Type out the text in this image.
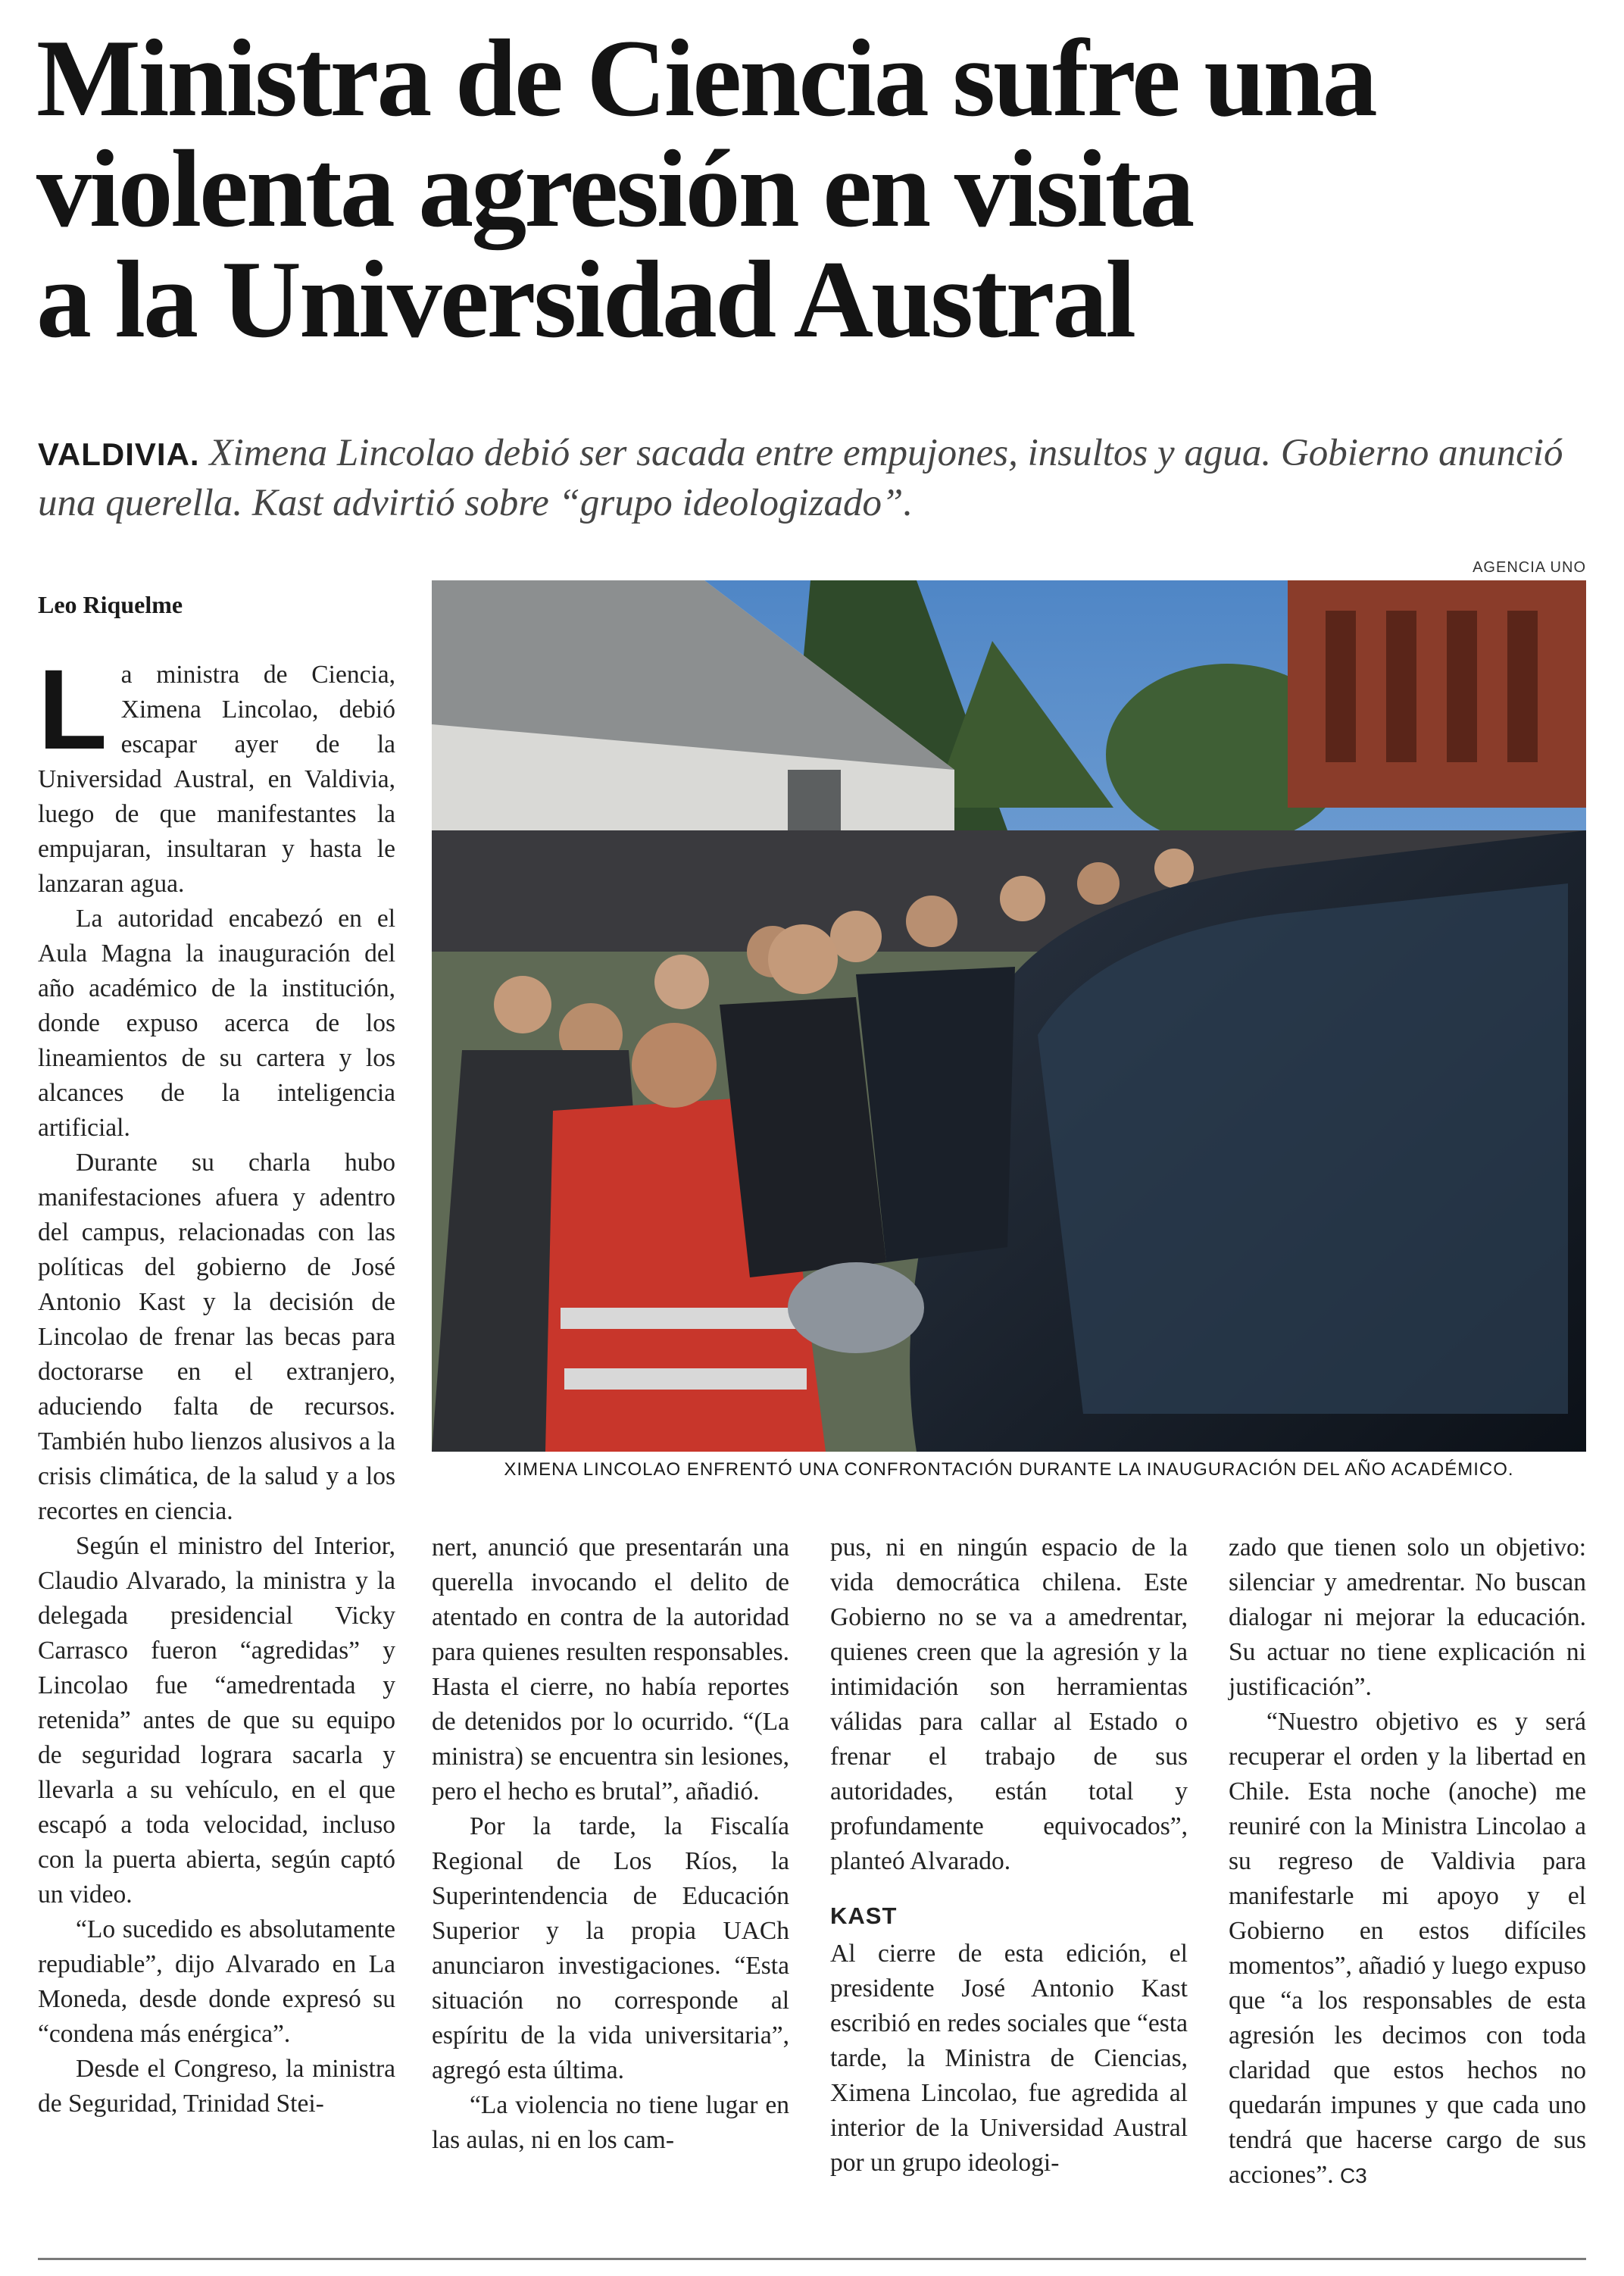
Ministra de Ciencia sufre una
violenta agresión en visita
a la Universidad Austral
VALDIVIA. Ximena Lincolao debió ser sacada entre empujones, insultos y agua. Gobierno anunció una querella. Kast advirtió sobre “grupo ideologizado”.
AGENCIA UNO
Leo Riquelme
XIMENA LINCOLAO ENFRENTÓ UNA CONFRONTACIÓN DURANTE LA INAUGURACIÓN DEL AÑO ACADÉMICO.

La ministra de Ciencia, Ximena Lincolao, debió escapar ayer de la Universidad Austral, en Valdivia, luego de que manifestantes la empujaran, insultaran y hasta le lanzaran agua.

La autoridad encabezó en el Aula Magna la inauguración del año académico de la institución, donde expuso acerca de los lineamientos de su cartera y los alcances de la inteligencia artificial.

Durante su charla hubo manifestaciones afuera y adentro del campus, relacionadas con las políticas del gobierno de José Antonio Kast y la decisión de Lincolao de frenar las becas para doctorarse en el extranjero, aduciendo falta de recursos. También hubo lienzos alusivos a la crisis climática, de la salud y a los recortes en ciencia.

Según el ministro del Interior, Claudio Alvarado, la ministra y la delegada presidencial Vicky Carrasco fueron “agredidas” y Lincolao fue “amedrentada y retenida” antes de que su equipo de seguridad lograra sacarla y llevarla a su vehículo, en el que escapó a toda velocidad, incluso con la puerta abierta, según captó un video.

“Lo sucedido es absolutamente repudiable”, dijo Alvarado en La Moneda, desde donde expresó su “condena más enérgica”.

Desde el Congreso, la ministra de Seguridad, Trinidad Stei-

nert, anunció que presentarán una querella invocando el delito de atentado en contra de la autoridad para quienes resulten responsables. Hasta el cierre, no había reportes de detenidos por lo ocurrido. “(La ministra) se encuentra sin lesiones, pero el hecho es brutal”, añadió.

Por la tarde, la Fiscalía Regional de Los Ríos, la Superintendencia de Educación Superior y la propia UACh anunciaron investigaciones. “Esta situación no corresponde al espíritu de la vida universitaria”, agregó esta última.

“La violencia no tiene lugar en las aulas, ni en los cam-

pus, ni en ningún espacio de la vida democrática chilena. Este Gobierno no se va a amedrentar, quienes creen que la agresión y la intimidación son herramientas válidas para callar al Estado o frenar el trabajo de sus autoridades, están total y profundamente equivocados”, planteó Alvarado.

KAST

Al cierre de esta edición, el presidente José Antonio Kast escribió en redes sociales que “esta tarde, la Ministra de Ciencias, Ximena Lincolao, fue agredida al interior de la Universidad Austral por un grupo ideologi-

zado que tienen solo un objetivo: silenciar y amedrentar. No buscan dialogar ni mejorar la educación. Su actuar no tiene explicación ni justificación”.

“Nuestro objetivo es y será recuperar el orden y la libertad en Chile. Esta noche (anoche) me reuniré con la Ministra Lincolao a su regreso de Valdivia para manifestarle mi apoyo y el Gobierno en estos difíciles momentos”, añadió y luego expuso que “a los responsables de esta agresión les decimos con toda claridad que estos hechos no quedarán impunes y que cada uno tendrá que hacerse cargo de sus acciones”. C3
